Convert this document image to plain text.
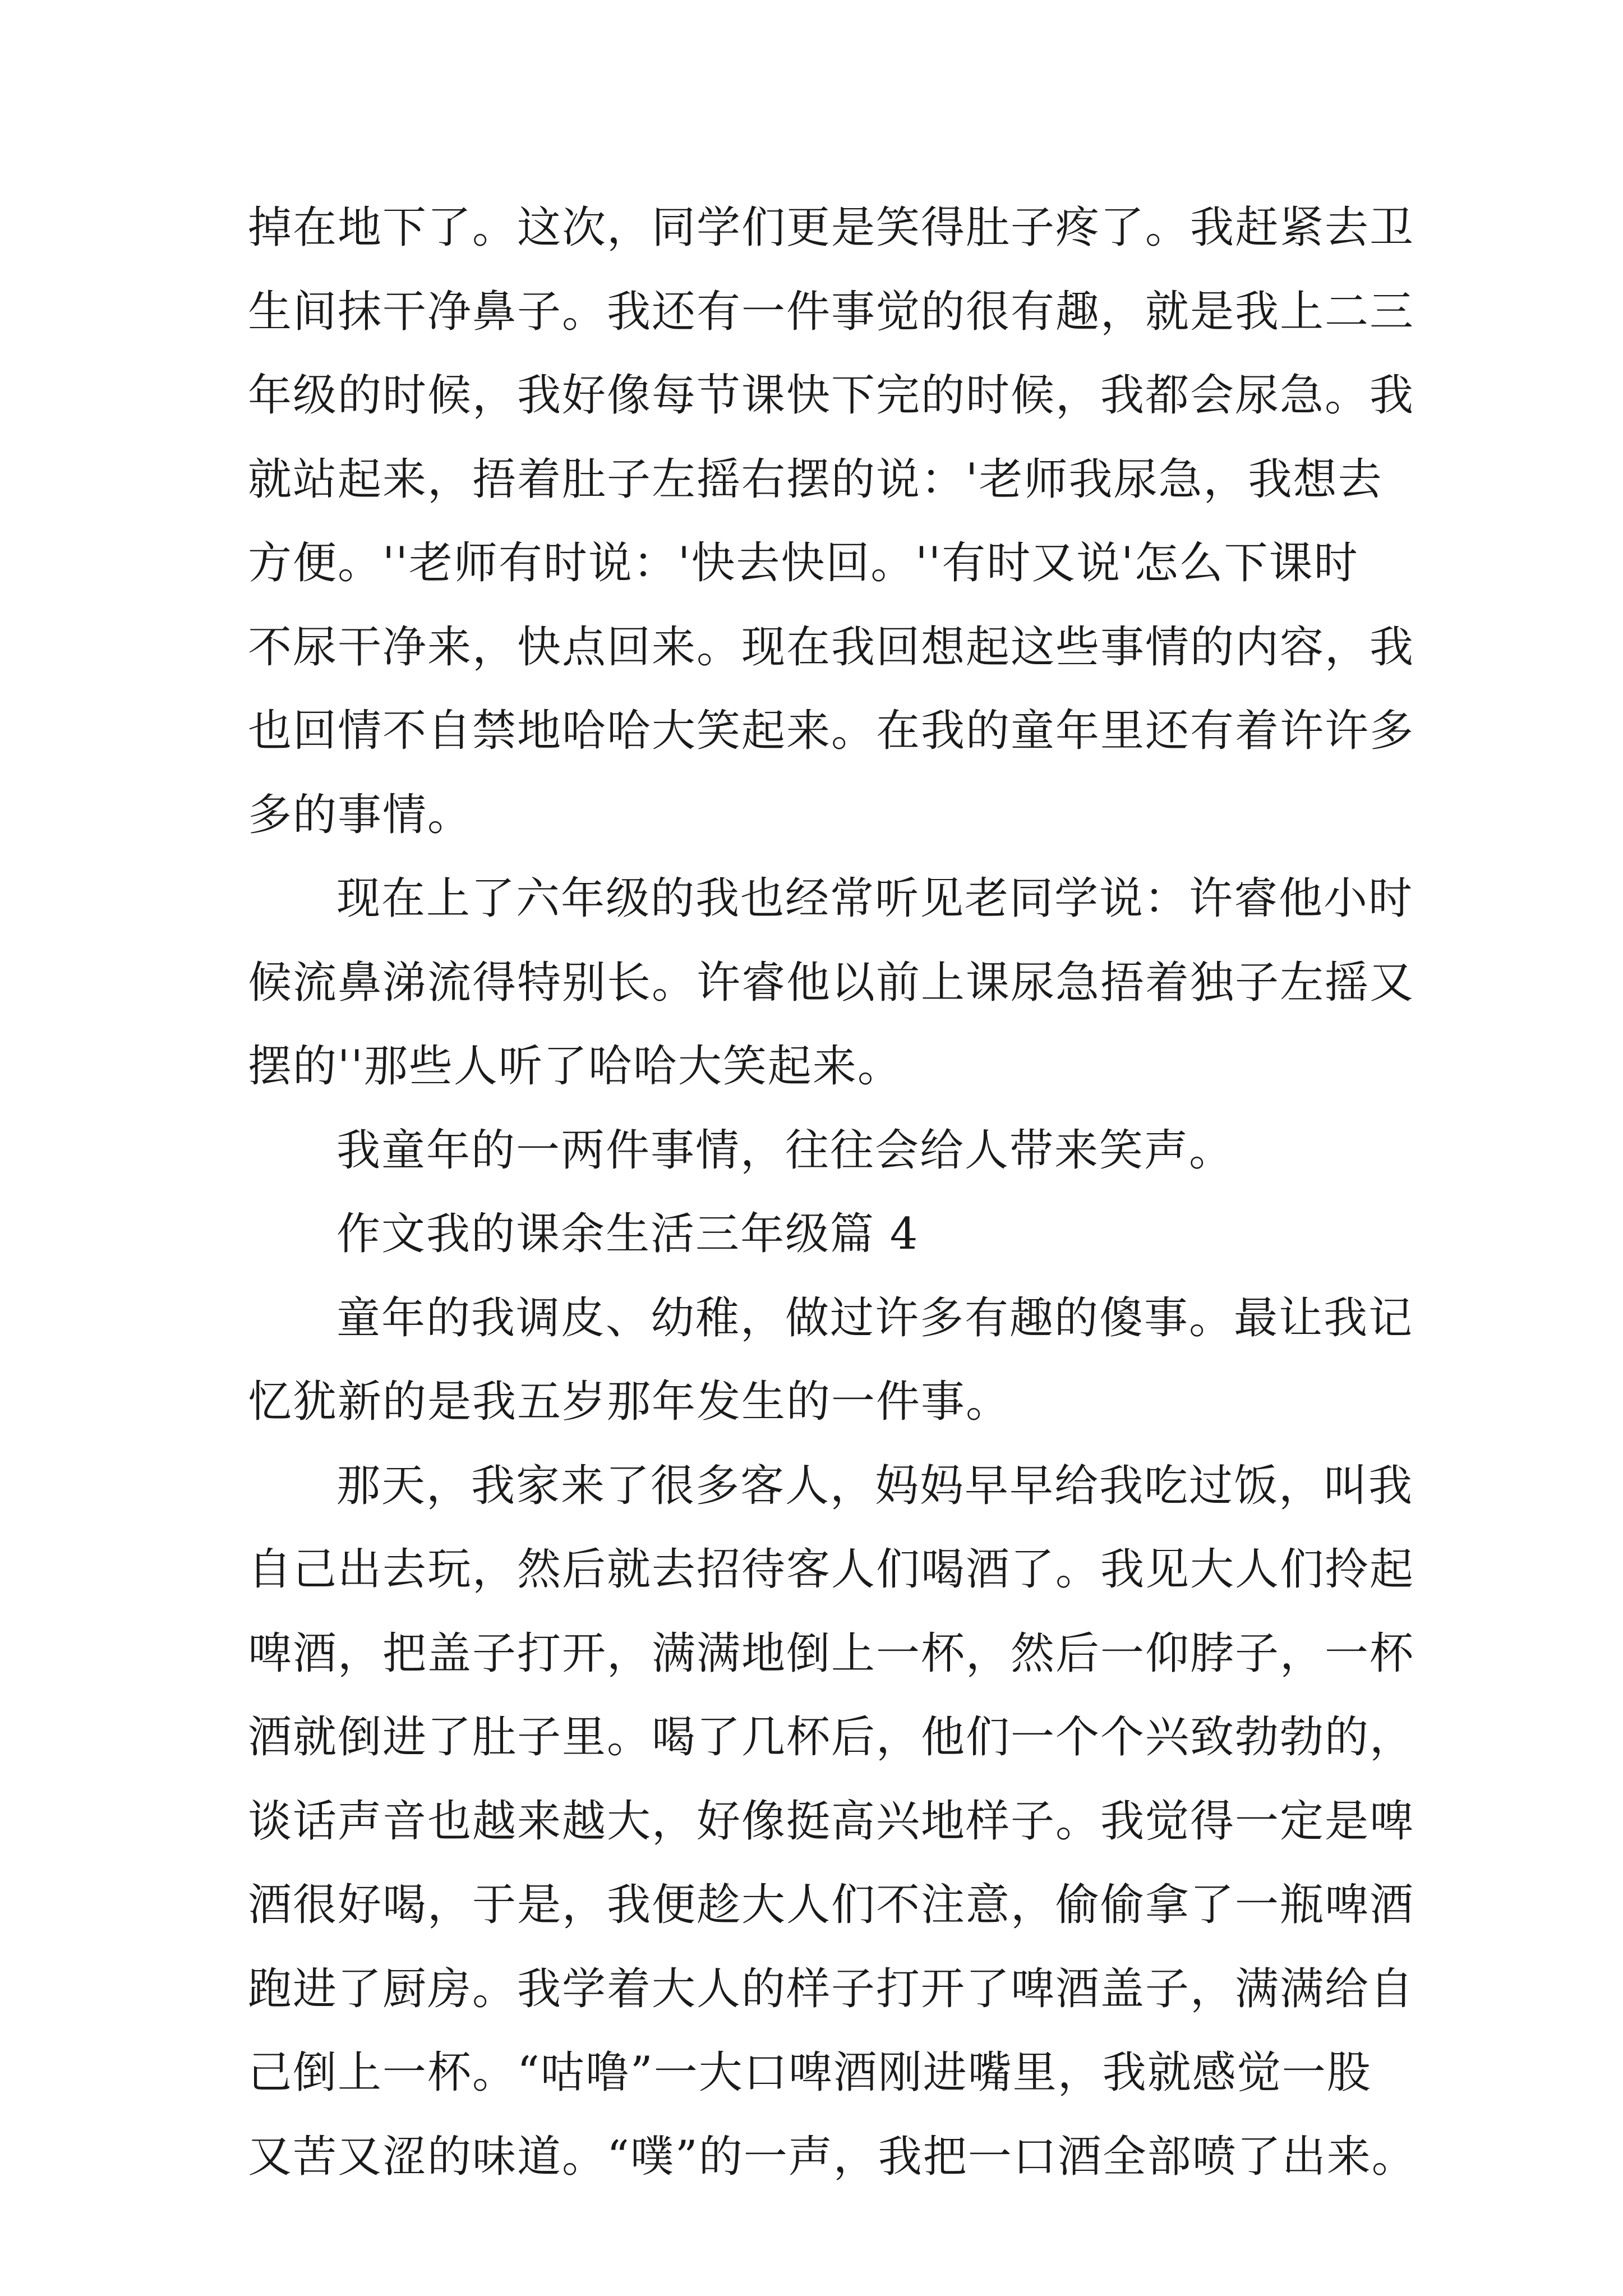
掉在地下了。这次，同学们更是笑得肚子疼了。我赶紧去卫
生间抹干净鼻子。我还有一件事觉的很有趣，就是我上二三
年级的时候，我好像每节课快下完的时候，我都会尿急。我
就站起来，捂着肚子左摇右摆的说：'老师我尿急，我想去
方便。''老师有时说：'快去快回。''有时又说'怎么下课时
不尿干净来，快点回来。现在我回想起这些事情的内容，我
也回情不自禁地哈哈大笑起来。在我的童年里还有着许许多
多的事情。
现在上了六年级的我也经常听见老同学说：许睿他小时
候流鼻涕流得特别长。许睿他以前上课尿急捂着独子左摇又
摆的''那些人听了哈哈大笑起来。
我童年的一两件事情，往往会给人带来笑声。
作文我的课余生活三年级篇 4
童年的我调皮、幼稚，做过许多有趣的傻事。最让我记
忆犹新的是我五岁那年发生的一件事。
那天，我家来了很多客人，妈妈早早给我吃过饭，叫我
自己出去玩，然后就去招待客人们喝酒了。我见大人们拎起
啤酒，把盖子打开，满满地倒上一杯，然后一仰脖子，一杯
酒就倒进了肚子里。喝了几杯后，他们一个个兴致勃勃的，
谈话声音也越来越大，好像挺高兴地样子。我觉得一定是啤
酒很好喝，于是，我便趁大人们不注意，偷偷拿了一瓶啤酒
跑进了厨房。我学着大人的样子打开了啤酒盖子，满满给自
己倒上一杯。“咕噜”一大口啤酒刚进嘴里，我就感觉一股
又苦又涩的味道。“噗”的一声，我把一口酒全部喷了出来。
